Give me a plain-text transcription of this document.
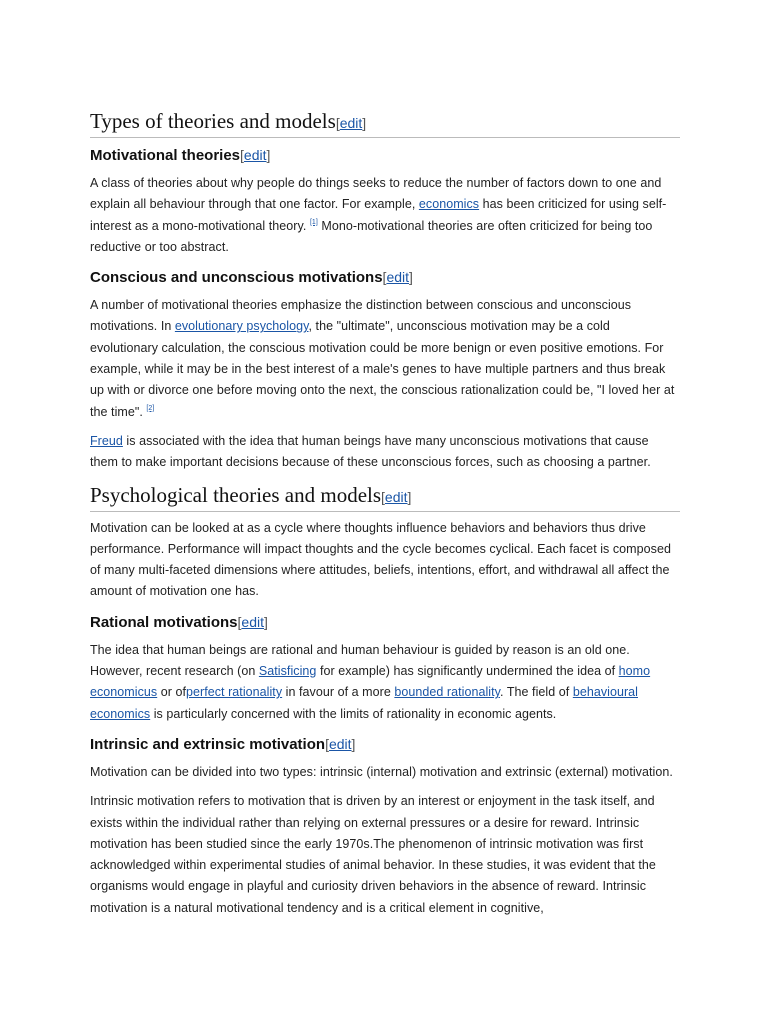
Types of theories and models[edit]
Motivational theories[edit]

A class of theories about why people do things seeks to reduce the number of factors down to one and explain all behaviour through that one factor. For example, economics has been criticized for using self-interest as a mono-motivational theory. [1] Mono-motivational theories are often criticized for being too reductive or too abstract.

Conscious and unconscious motivations[edit]

A number of motivational theories emphasize the distinction between conscious and unconscious motivations. In evolutionary psychology, the "ultimate", unconscious motivation may be a cold evolutionary calculation, the conscious motivation could be more benign or even positive emotions. For example, while it may be in the best interest of a male's genes to have multiple partners and thus break up with or divorce one before moving onto the next, the conscious rationalization could be, "I loved her at the time". [2]

Freud is associated with the idea that human beings have many unconscious motivations that cause them to make important decisions because of these unconscious forces, such as choosing a partner.

Psychological theories and models[edit]

Motivation can be looked at as a cycle where thoughts influence behaviors and behaviors thus drive performance. Performance will impact thoughts and the cycle becomes cyclical. Each facet is composed of many multi-faceted dimensions where attitudes, beliefs, intentions, effort, and withdrawal all affect the amount of motivation one has.

Rational motivations[edit]

The idea that human beings are rational and human behaviour is guided by reason is an old one. However, recent research (on Satisficing for example) has significantly undermined the idea of homo economicus or ofperfect rationality in favour of a more bounded rationality. The field of behavioural economics is particularly concerned with the limits of rationality in economic agents.

Intrinsic and extrinsic motivation[edit]

Motivation can be divided into two types: intrinsic (internal) motivation and extrinsic (external) motivation.

Intrinsic motivation refers to motivation that is driven by an interest or enjoyment in the task itself, and exists within the individual rather than relying on external pressures or a desire for reward. Intrinsic motivation has been studied since the early 1970s.The phenomenon of intrinsic motivation was first acknowledged within experimental studies of animal behavior. In these studies, it was evident that the organisms would engage in playful and curiosity driven behaviors in the absence of reward. Intrinsic motivation is a natural motivational tendency and is a critical element in cognitive,
